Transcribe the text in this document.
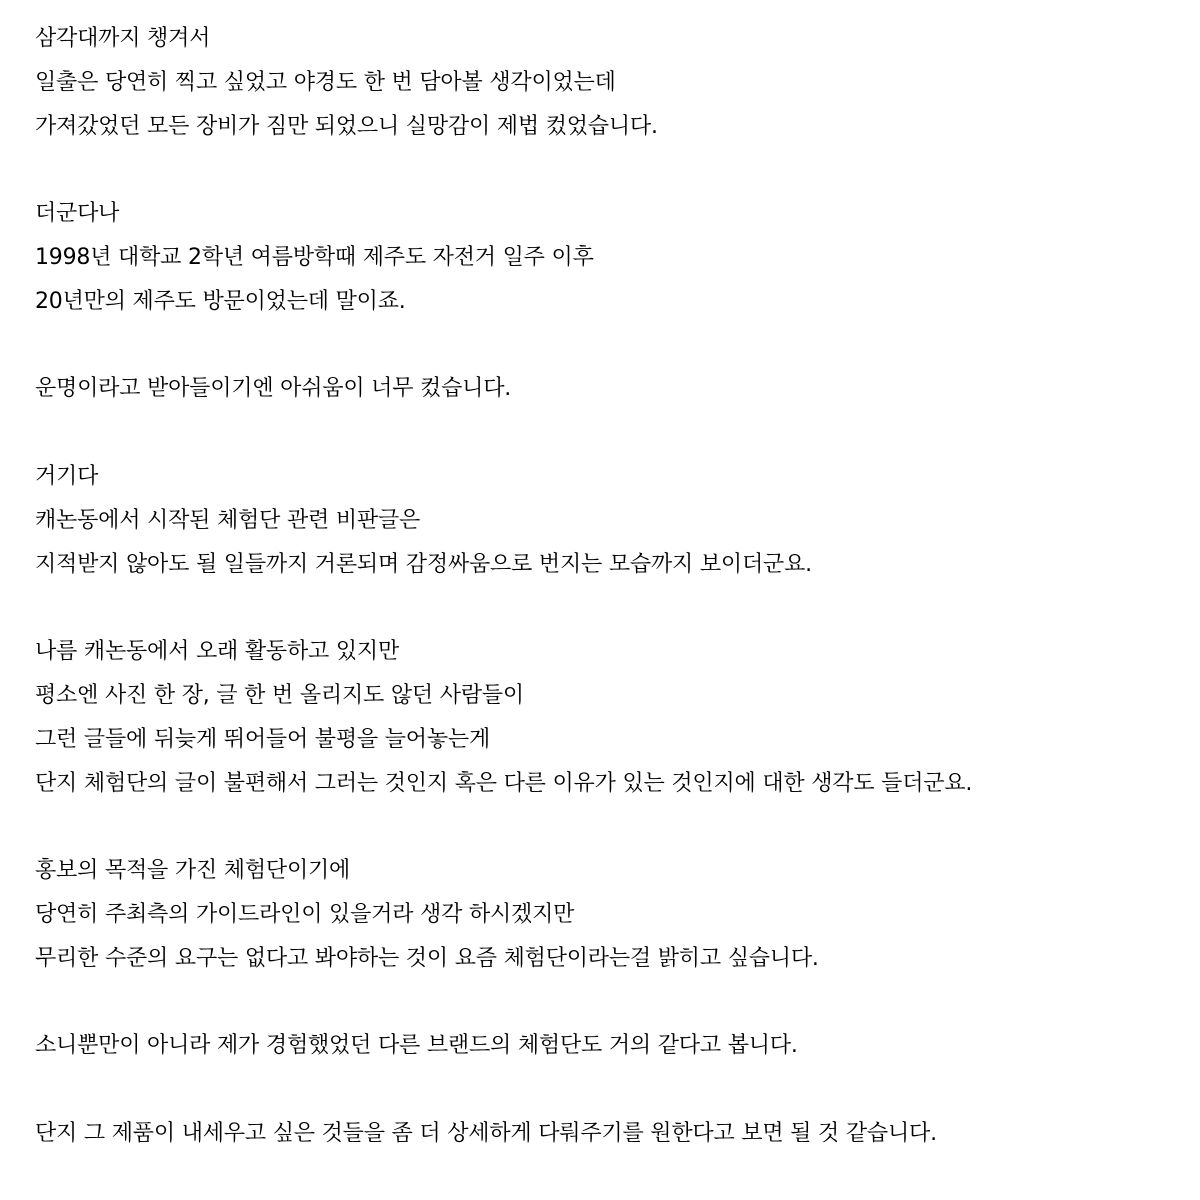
삼각대까지 챙겨서
일출은 당연히 찍고 싶었고 야경도 한 번 담아볼 생각이었는데
가져갔었던 모든 장비가 짐만 되었으니 실망감이 제법 컸었습니다.
더군다나
1998년 대학교 2학년 여름방학때 제주도 자전거 일주 이후
20년만의 제주도 방문이었는데 말이죠.
운명이라고 받아들이기엔 아쉬움이 너무 컸습니다.
거기다
캐논동에서 시작된 체험단 관련 비판글은
지적받지 않아도 될 일들까지 거론되며 감정싸움으로 번지는 모습까지 보이더군요.
나름 캐논동에서 오래 활동하고 있지만
평소엔 사진 한 장, 글 한 번 올리지도 않던 사람들이
그런 글들에 뒤늦게 뛰어들어 불평을 늘어놓는게
단지 체험단의 글이 불편해서 그러는 것인지 혹은 다른 이유가 있는 것인지에 대한 생각도 들더군요.
홍보의 목적을 가진 체험단이기에
당연히 주최측의 가이드라인이 있을거라 생각 하시겠지만
무리한 수준의 요구는 없다고 봐야하는 것이 요즘 체험단이라는걸 밝히고 싶습니다.
소니뿐만이 아니라 제가 경험했었던 다른 브랜드의 체험단도 거의 같다고 봅니다.
단지 그 제품이 내세우고 싶은 것들을 좀 더 상세하게 다뤄주기를 원한다고 보면 될 것 같습니다.
